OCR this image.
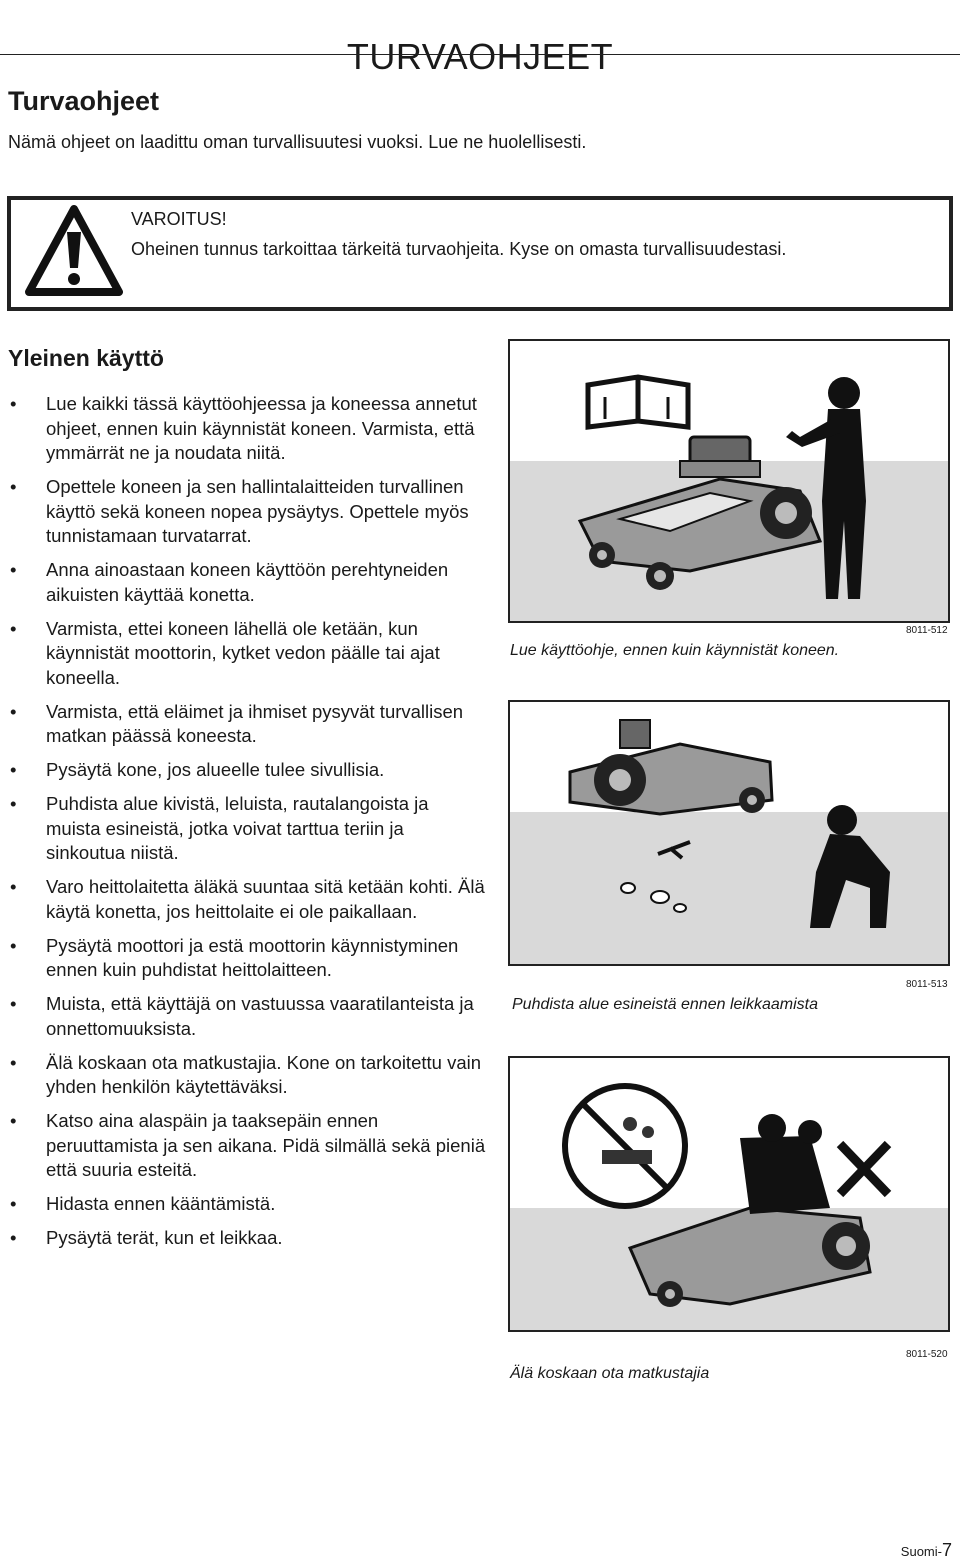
TURVAOHJEET
Turvaohjeet
Nämä ohjeet on laadittu oman turvallisuutesi vuoksi. Lue ne huolellisesti.
VAROITUS!
Oheinen tunnus tarkoittaa tärkeitä turvaohjeita. Kyse on omasta turvallisuudestasi.
Yleinen käyttö
• Lue kaikki tässä käyttöohjeessa ja koneessa annetut ohjeet, ennen kuin käynnistät koneen. Varmista, että ymmärrät ne ja noudata niitä.
• Opettele koneen ja sen hallintalaitteiden turvallinen käyttö sekä koneen nopea pysäytys. Opettele myös tunnistamaan turvatarrat.
• Anna ainoastaan koneen käyttöön perehtyneiden aikuisten käyttää konetta.
• Varmista, ettei koneen lähellä ole ketään, kun käynnistät moottorin, kytket vedon päälle tai ajat koneella.
• Varmista, että eläimet ja ihmiset pysyvät turvallisen matkan päässä koneesta.
• Pysäytä kone, jos alueelle tulee sivullisia.
• Puhdista alue kivistä, leluista, rautalangoista ja muista esineistä, jotka voivat tarttua teriin ja sinkoutua niistä.
• Varo heittolaitetta äläkä suuntaa sitä ketään kohti. Älä käytä konetta, jos heittolaite ei ole paikallaan.
• Pysäytä moottori ja estä moottorin käynnistyminen ennen kuin puhdistat heittolaitteen.
• Muista, että käyttäjä on vastuussa vaaratilanteista ja onnettomuuksista.
• Älä koskaan ota matkustajia. Kone on tarkoitettu vain yhden henkilön käytettäväksi.
• Katso aina alaspäin ja taaksepäin ennen peruuttamista ja sen aikana. Pidä silmällä sekä pieniä että suuria esteitä.
• Hidasta ennen kääntämistä.
• Pysäytä terät, kun et leikkaa.
Lue käyttöohje, ennen kuin käynnistät koneen.
8011-512
Puhdista alue esineistä ennen leikkaamista
8011-513
Älä koskaan ota matkustajia
8011-520
Suomi-7
